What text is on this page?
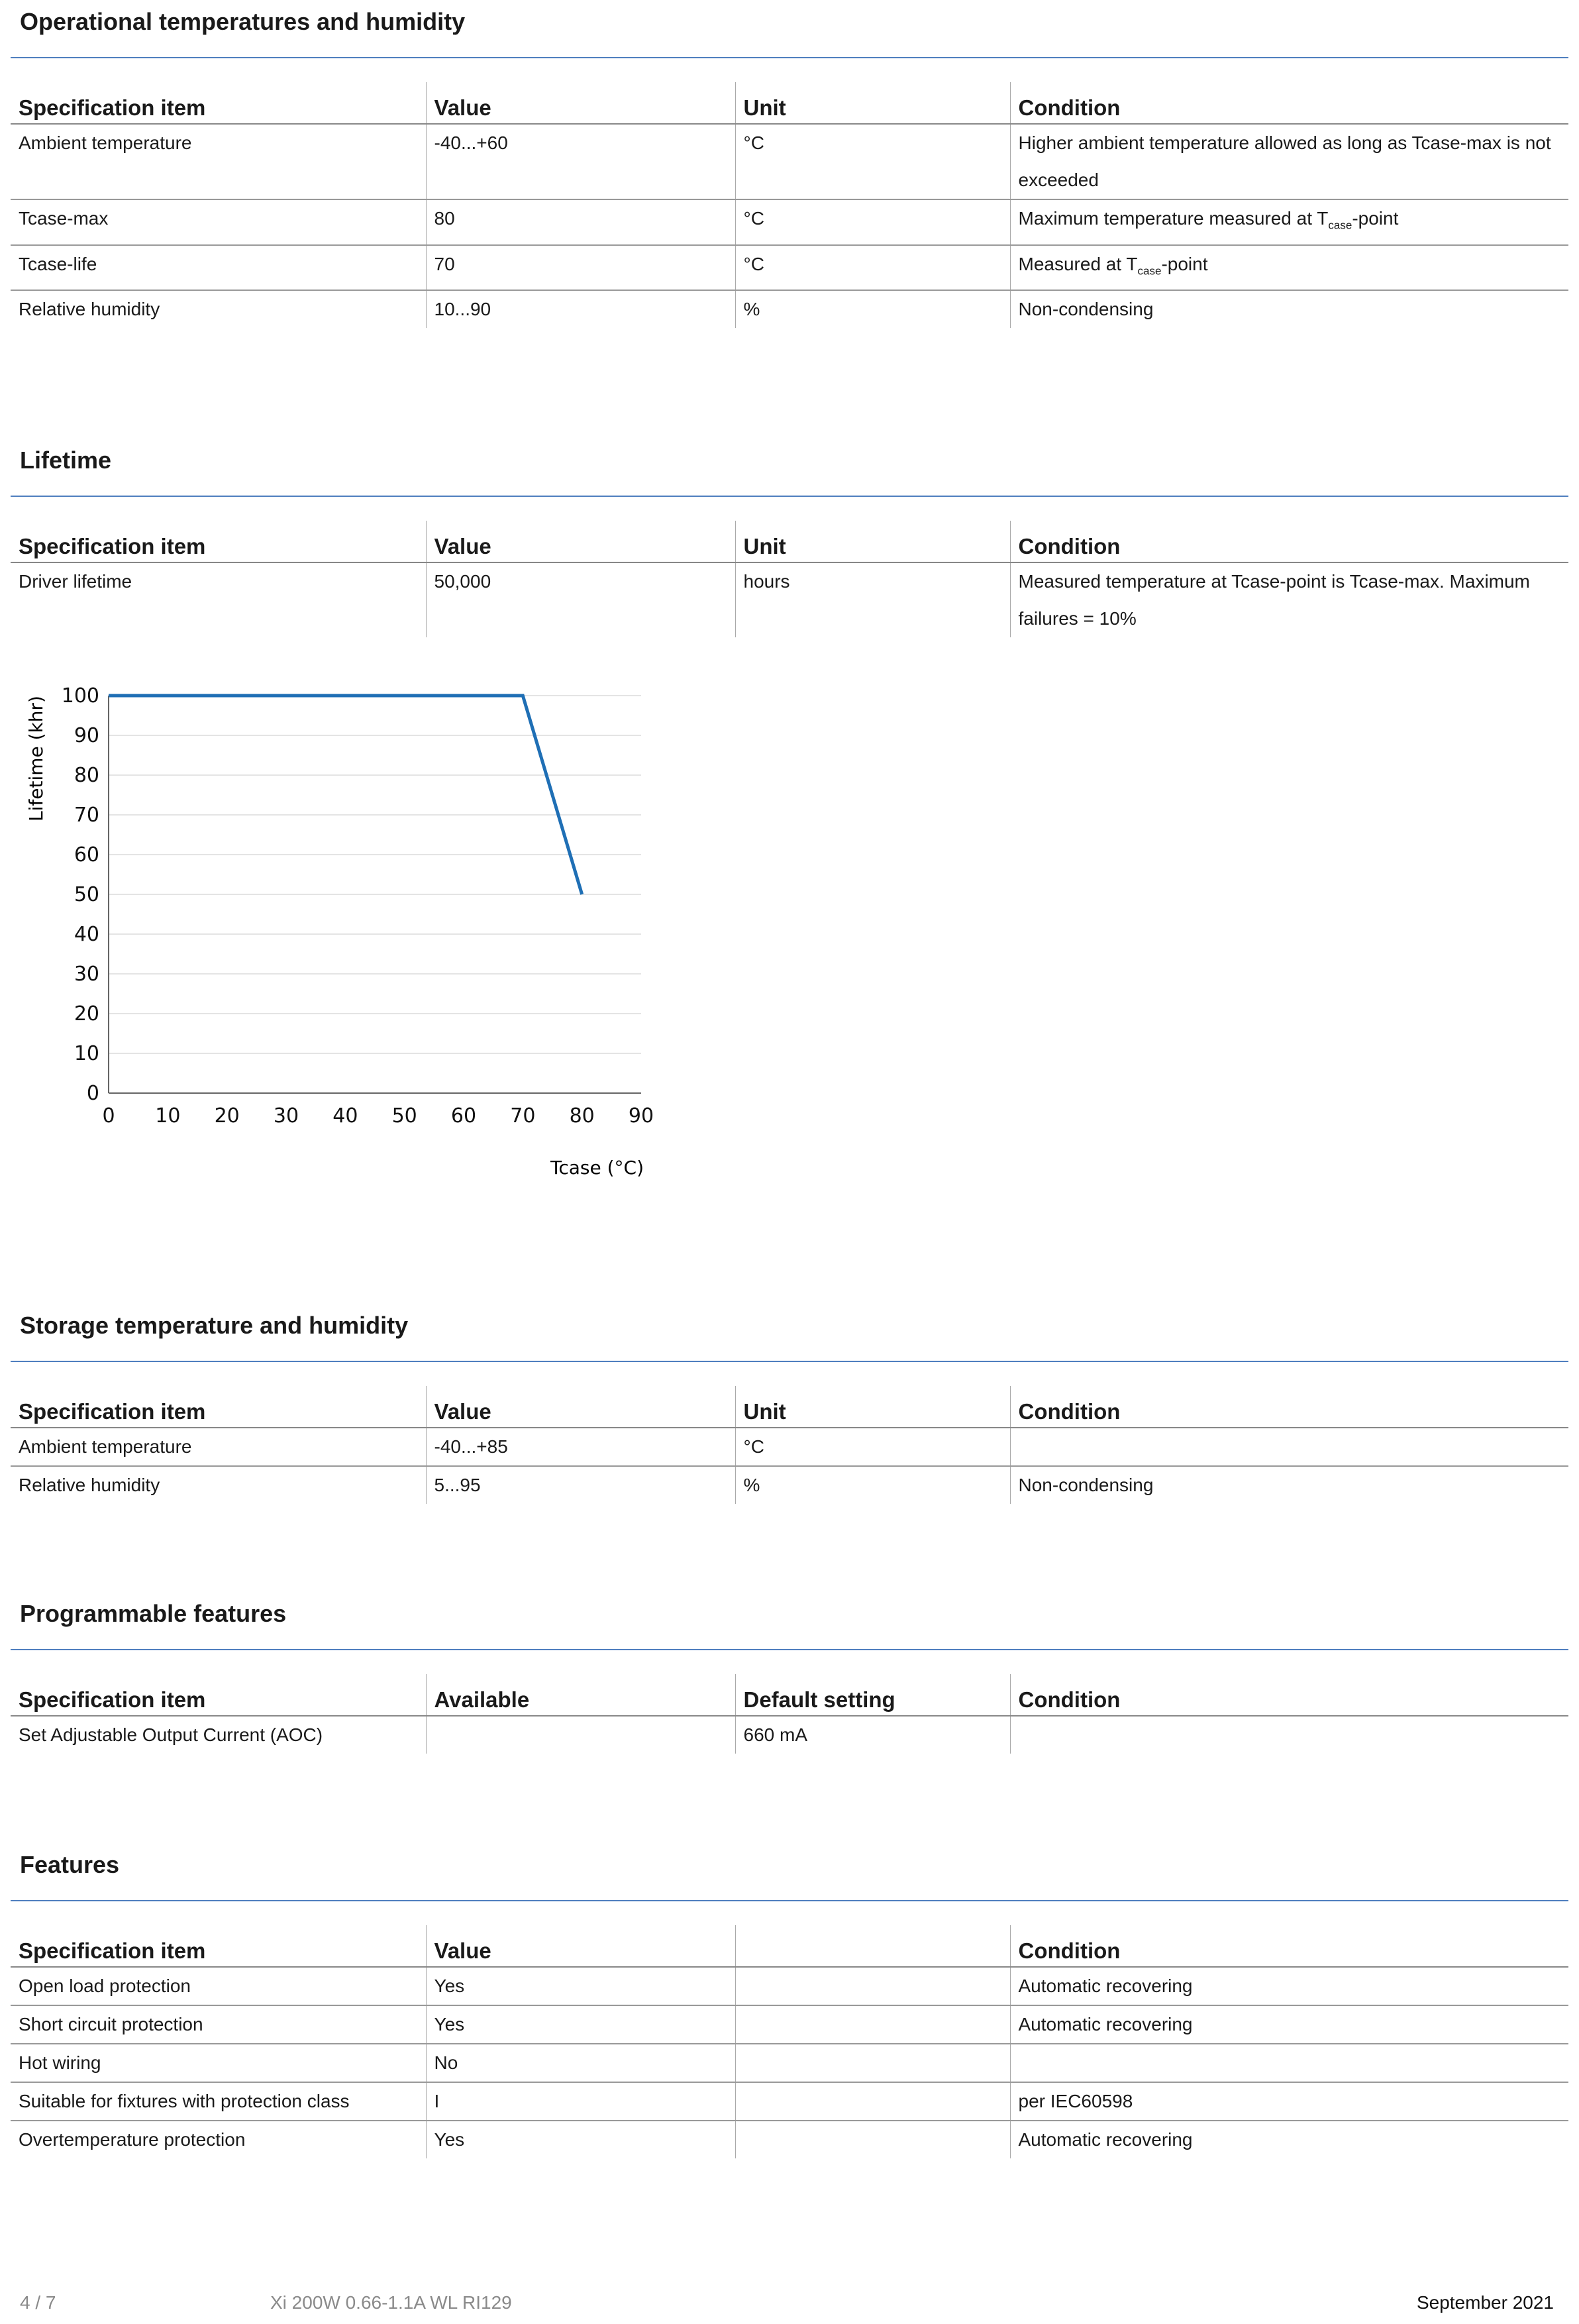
Operational temperatures and humidity
Specification item	Value	Unit	Condition
Ambient temperature	-40...+60	°C	Higher ambient temperature allowed as long as Tcase-max is not exceeded
Tcase-max	80	°C	Maximum temperature measured at $T_{case}$-point
Tcase-life	70	°C	Measured at $T_{case}$-point
Relative humidity	10...90	%	Non-condensing
Lifetime
Specification item	Value	Unit	Condition
Driver lifetime	50,000	hours	Measured temperature at Tcase-point is Tcase-max. Maximum failures = 10%
0
10
20
30
40
50
60
70
80
90
100
0 10 20 30 40 50 60 70 80 90
Lifetime (khr)
Tcase (°C)
Storage temperature and humidity
Specification item	Value	Unit	Condition
Ambient temperature	-40...+85	°C	
Relative humidity	5...95	%	Non-condensing
Programmable features
Specification item	Available	Default setting	Condition
Set Adjustable Output Current (AOC)		660 mA	
Features
Specification item	Value		Condition
Open load protection	Yes		Automatic recovering
Short circuit protection	Yes		Automatic recovering
Hot wiring	No		
Suitable for fixtures with protection class	I		per IEC60598
Overtemperature protection	Yes		Automatic recovering
4 / 7	Xi 200W 0.66-1.1A WL RI129	September 2021
